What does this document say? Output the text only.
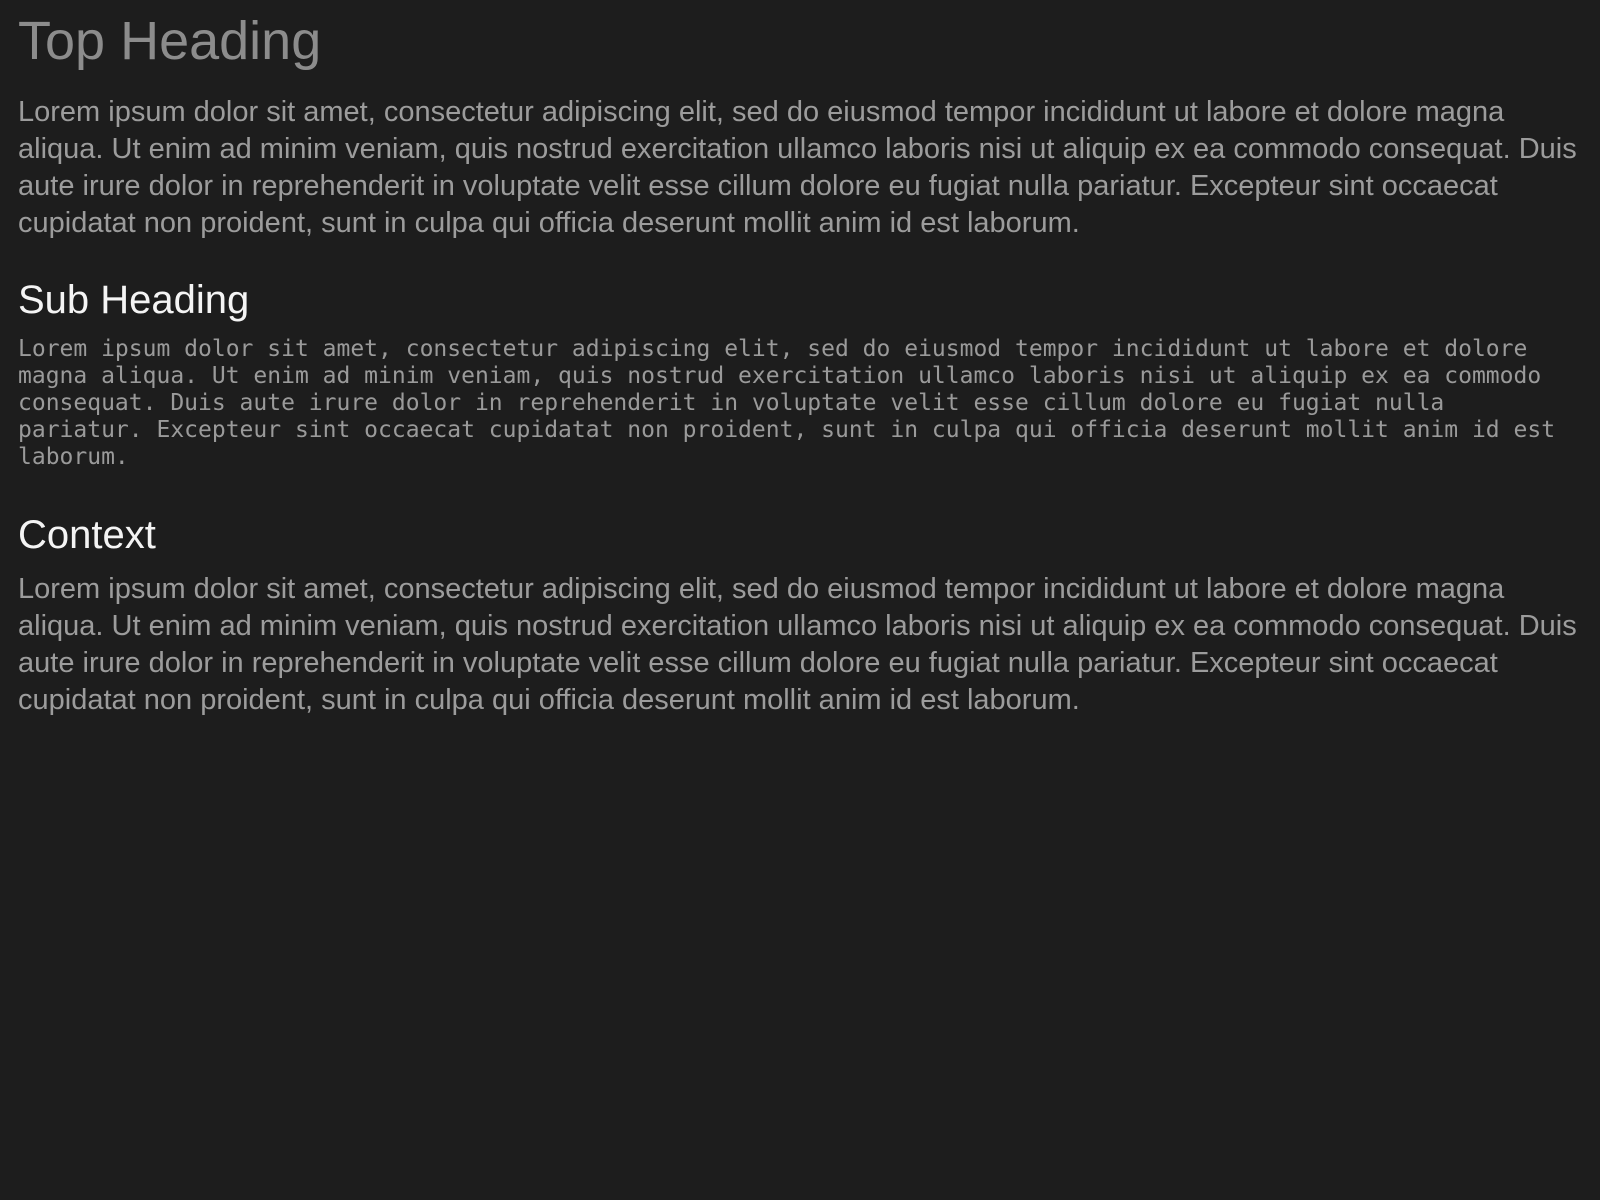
Top Heading

Lorem ipsum dolor sit amet, consectetur adipiscing elit, sed do eiusmod tempor incididunt ut labore et dolore magna aliqua. Ut enim ad minim veniam, quis nostrud exercitation ullamco laboris nisi ut aliquip ex ea commodo consequat. Duis aute irure dolor in reprehenderit in voluptate velit esse cillum dolore eu fugiat nulla pariatur. Excepteur sint occaecat cupidatat non proident, sunt in culpa qui officia deserunt mollit anim id est laborum.

Sub Heading

Lorem ipsum dolor sit amet, consectetur adipiscing elit, sed do eiusmod tempor incididunt ut labore et dolore magna aliqua. Ut enim ad minim veniam, quis nostrud exercitation ullamco laboris nisi ut aliquip ex ea commodo consequat. Duis aute irure dolor in reprehenderit in voluptate velit esse cillum dolore eu fugiat nulla pariatur. Excepteur sint occaecat cupidatat non proident, sunt in culpa qui officia deserunt mollit anim id est laborum.

Context

Lorem ipsum dolor sit amet, consectetur adipiscing elit, sed do eiusmod tempor incididunt ut labore et dolore magna aliqua. Ut enim ad minim veniam, quis nostrud exercitation ullamco laboris nisi ut aliquip ex ea commodo consequat. Duis aute irure dolor in reprehenderit in voluptate velit esse cillum dolore eu fugiat nulla pariatur. Excepteur sint occaecat cupidatat non proident, sunt in culpa qui officia deserunt mollit anim id est laborum.
